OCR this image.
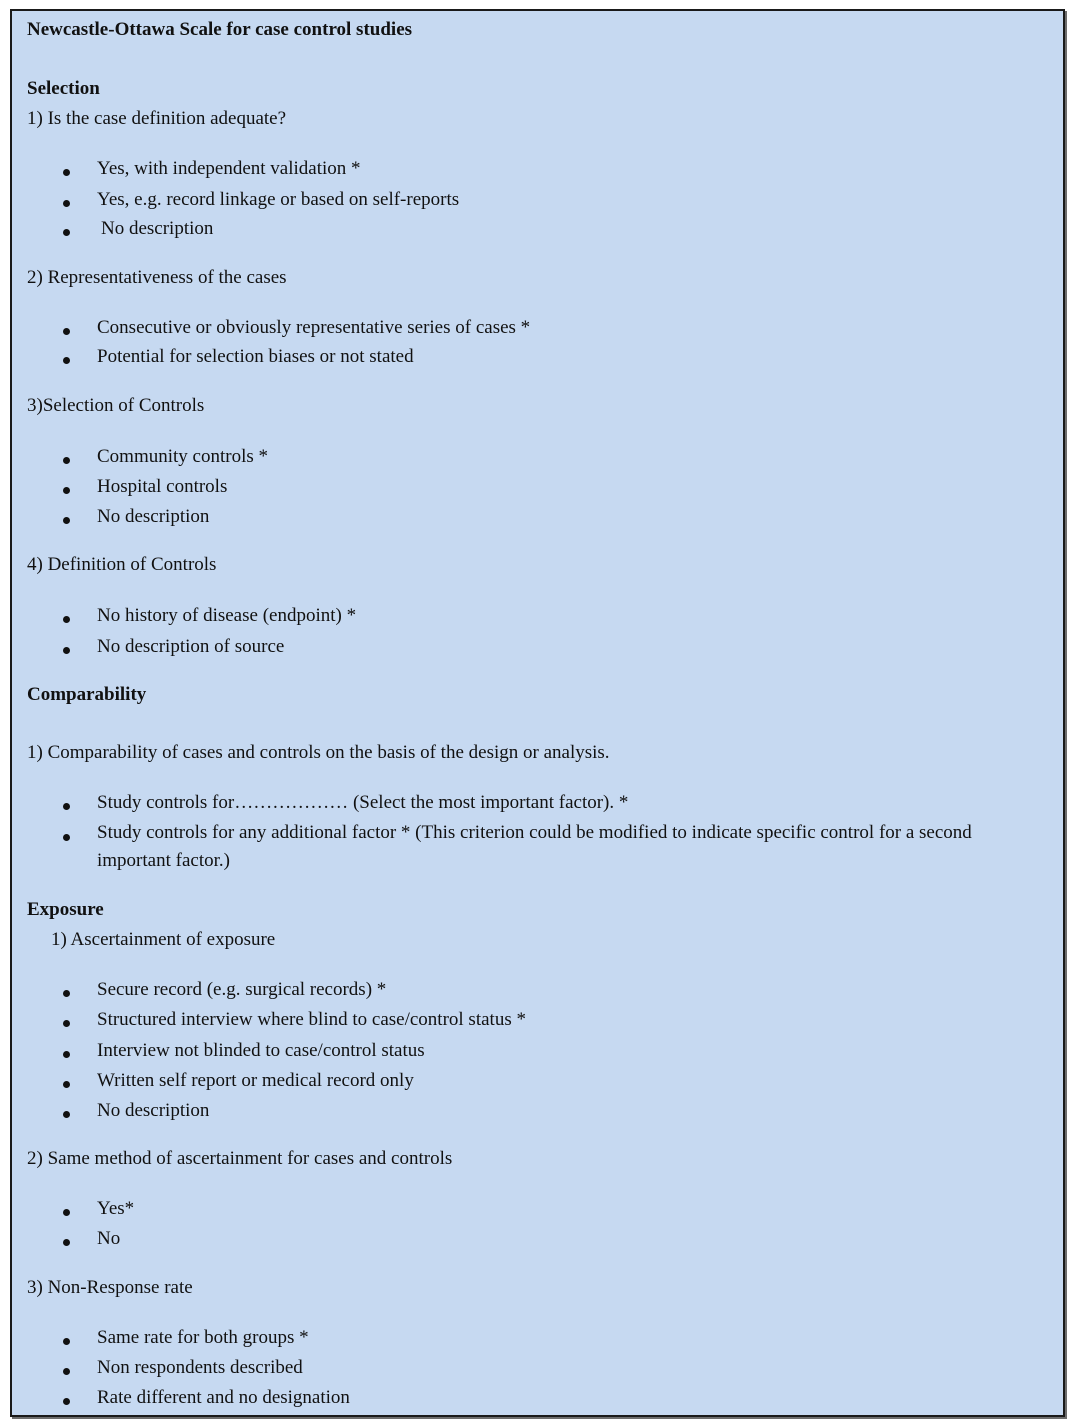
Newcastle-Ottawa Scale for case control studies
Selection
1) Is the case definition adequate?
Yes, with independent validation *
Yes, e.g. record linkage or based on self-reports
No description
2) Representativeness of the cases
Consecutive or obviously representative series of cases *
Potential for selection biases or not stated
3)Selection of Controls
Community controls *
Hospital controls
No description
4) Definition of Controls
No history of disease (endpoint) *
No description of source
Comparability
1) Comparability of cases and controls on the basis of the design or analysis.
Study controls for……………… (Select the most important factor). *
Study controls for any additional factor * (This criterion could be modified to indicate specific control for a second important factor.)
Exposure
1) Ascertainment of exposure
Secure record (e.g. surgical records) *
Structured interview where blind to case/control status *
Interview not blinded to case/control status
Written self report or medical record only
No description
2) Same method of ascertainment for cases and controls
Yes*
No
3) Non-Response rate
Same rate for both groups *
Non respondents described
Rate different and no designation
